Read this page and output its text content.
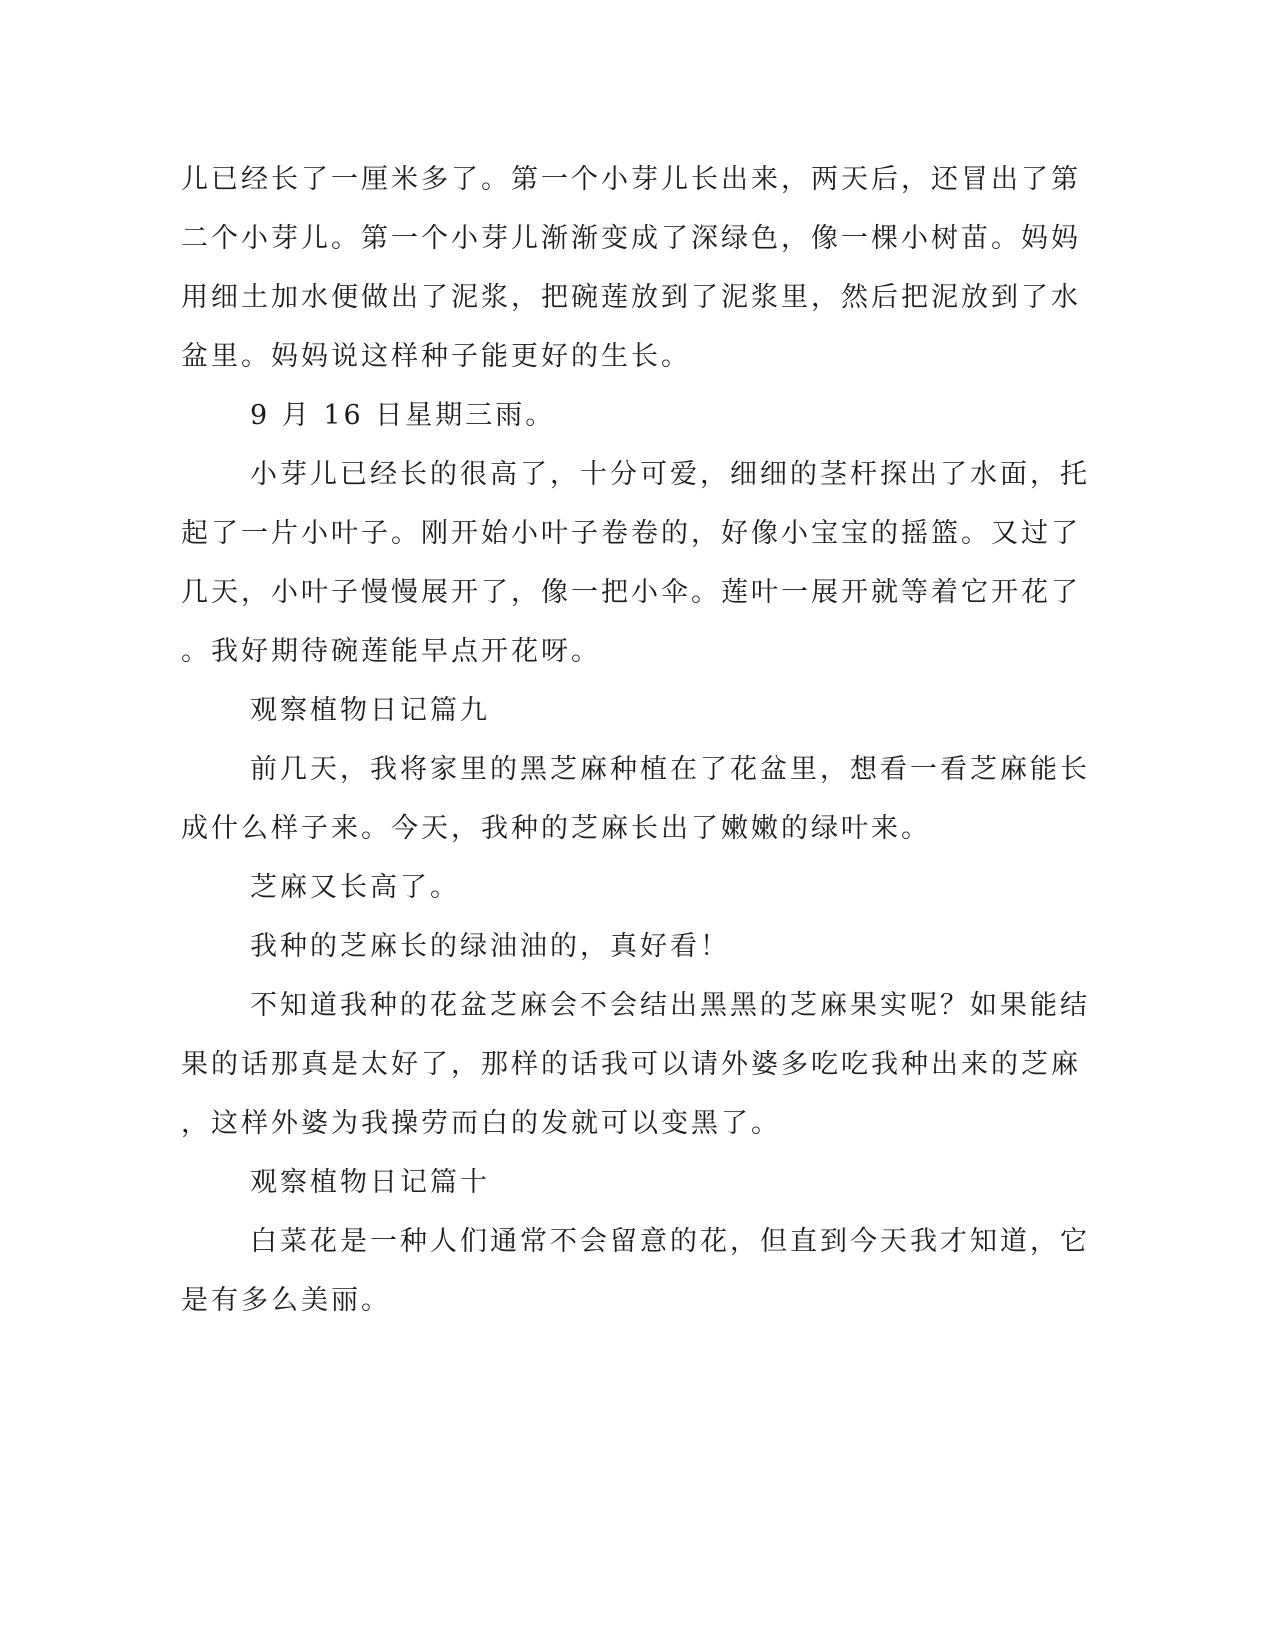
儿已经长了一厘米多了。第一个小芽儿长出来，两天后，还冒出了第

二个小芽儿。第一个小芽儿渐渐变成了深绿色，像一棵小树苗。妈妈

用细土加水便做出了泥浆，把碗莲放到了泥浆里，然后把泥放到了水

盆里。妈妈说这样种子能更好的生长。

9 月 16 日星期三雨。

小芽儿已经长的很高了，十分可爱，细细的茎杆探出了水面，托

起了一片小叶子。刚开始小叶子卷卷的，好像小宝宝的摇篮。又过了

几天，小叶子慢慢展开了，像一把小伞。莲叶一展开就等着它开花了

。我好期待碗莲能早点开花呀。

观察植物日记篇九

前几天，我将家里的黑芝麻种植在了花盆里，想看一看芝麻能长

成什么样子来。今天，我种的芝麻长出了嫩嫩的绿叶来。

芝麻又长高了。

我种的芝麻长的绿油油的，真好看！

不知道我种的花盆芝麻会不会结出黑黑的芝麻果实呢？如果能结

果的话那真是太好了，那样的话我可以请外婆多吃吃我种出来的芝麻

，这样外婆为我操劳而白的发就可以变黑了。

观察植物日记篇十

白菜花是一种人们通常不会留意的花，但直到今天我才知道，它

是有多么美丽。
